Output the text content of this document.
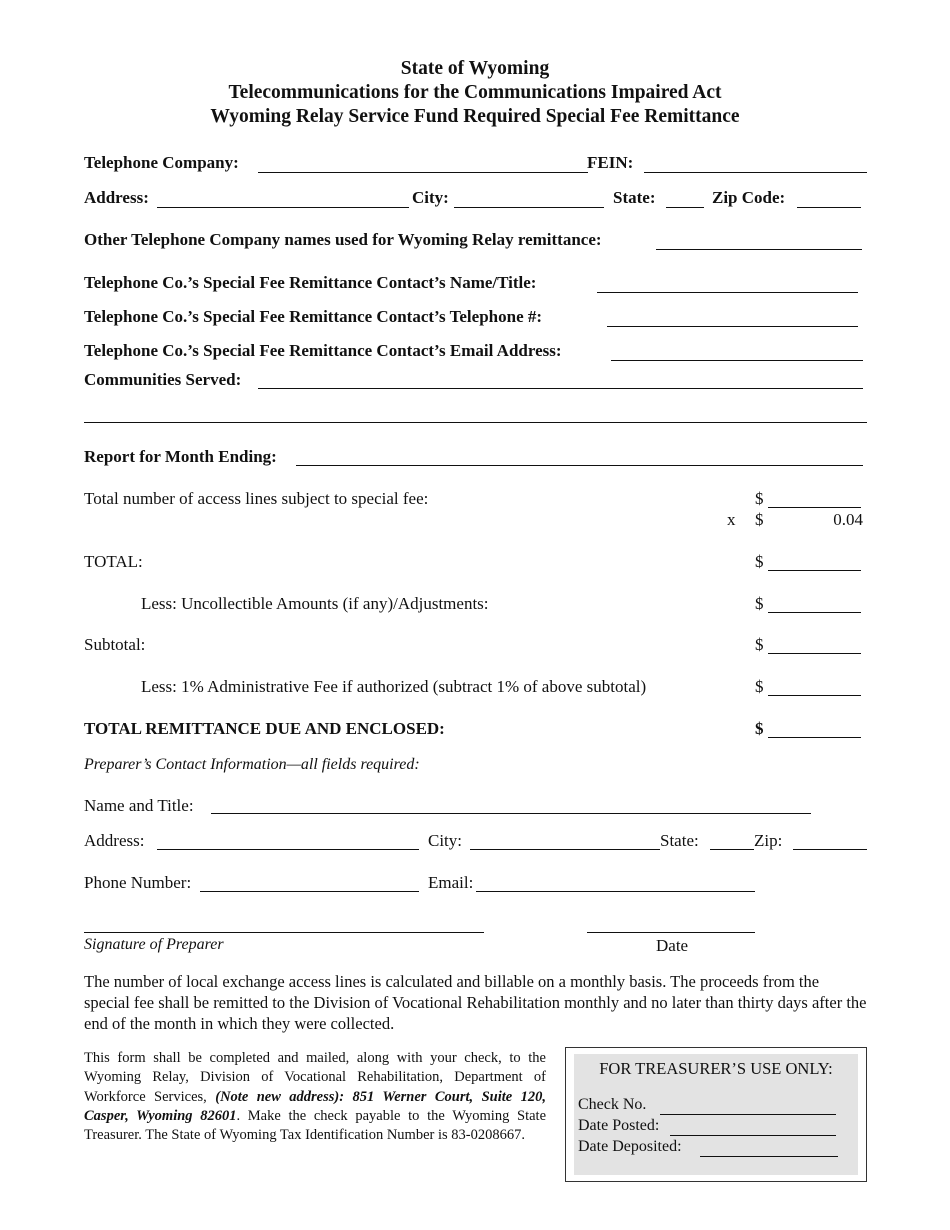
State of Wyoming
Telecommunications for the Communications Impaired Act
Wyoming Relay Service Fund Required Special Fee Remittance
Telephone Company:	FEIN:
Address:	City:	State:	Zip Code:
Other Telephone Company names used for Wyoming Relay remittance:
Telephone Co.’s Special Fee Remittance Contact’s Name/Title:
Telephone Co.’s Special Fee Remittance Contact’s Telephone #:
Telephone Co.’s Special Fee Remittance Contact’s Email Address:
Communities Served:
Report for Month Ending:
Total number of access lines subject to special fee:	$
x $	0.04
TOTAL:	$
Less: Uncollectible Amounts (if any)/Adjustments:	$
Subtotal:	$
Less: 1% Administrative Fee if authorized (subtract 1% of above subtotal)	$
TOTAL REMITTANCE DUE AND ENCLOSED:	$
Preparer’s Contact Information—all fields required:
Name and Title:
Address:	City:	State:	Zip:
Phone Number:	Email:
Signature of Preparer	Date
The number of local exchange access lines is calculated and billable on a monthly basis. The proceeds from the special fee shall be remitted to the Division of Vocational Rehabilitation monthly and no later than thirty days after the end of the month in which they were collected.
This form shall be completed and mailed, along with your check, to the Wyoming Relay, Division of Vocational Rehabilitation, Department of Workforce Services, (Note new address): 851 Werner Court, Suite 120, Casper, Wyoming 82601. Make the check payable to the Wyoming State Treasurer. The State of Wyoming Tax Identification Number is 83-0208667.
FOR TREASURER’S USE ONLY:
Check No.
Date Posted:
Date Deposited:
